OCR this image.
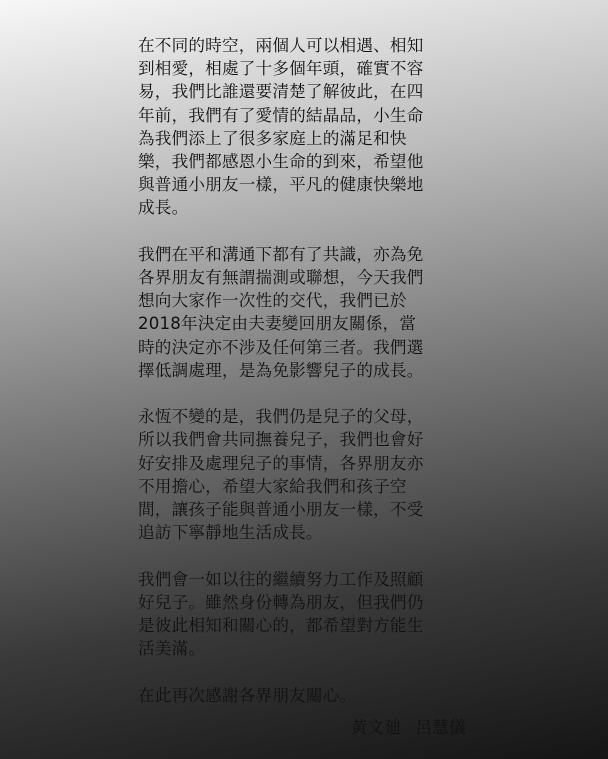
在不同的時空，兩個人可以相遇、相知
到相愛，相處了十多個年頭，確實不容
易，我們比誰還要清楚了解彼此，在四
年前，我們有了愛情的結晶品，小生命
為我們添上了很多家庭上的滿足和快
樂，我們都感恩小生命的到來，希望他
與普通小朋友一樣，平凡的健康快樂地
成長。
我們在平和溝通下都有了共識，亦為免
各界朋友有無謂揣測或聯想，今天我們
想向大家作一次性的交代，我們已於
2018年決定由夫妻變回朋友關係，當
時的決定亦不涉及任何第三者。我們選
擇低調處理，是為免影響兒子的成長。
永恆不變的是，我們仍是兒子的父母，
所以我們會共同撫養兒子，我們也會好
好安排及處理兒子的事情，各界朋友亦
不用擔心，希望大家給我們和孩子空
間，讓孩子能與普通小朋友一樣，不受
追訪下寧靜地生活成長。
我們會一如以往的繼續努力工作及照顧
好兒子。雖然身份轉為朋友，但我們仍
是彼此相知和關心的，都希望對方能生
活美滿。
在此再次感謝各界朋友關心。
黃文廸 呂慧儀
